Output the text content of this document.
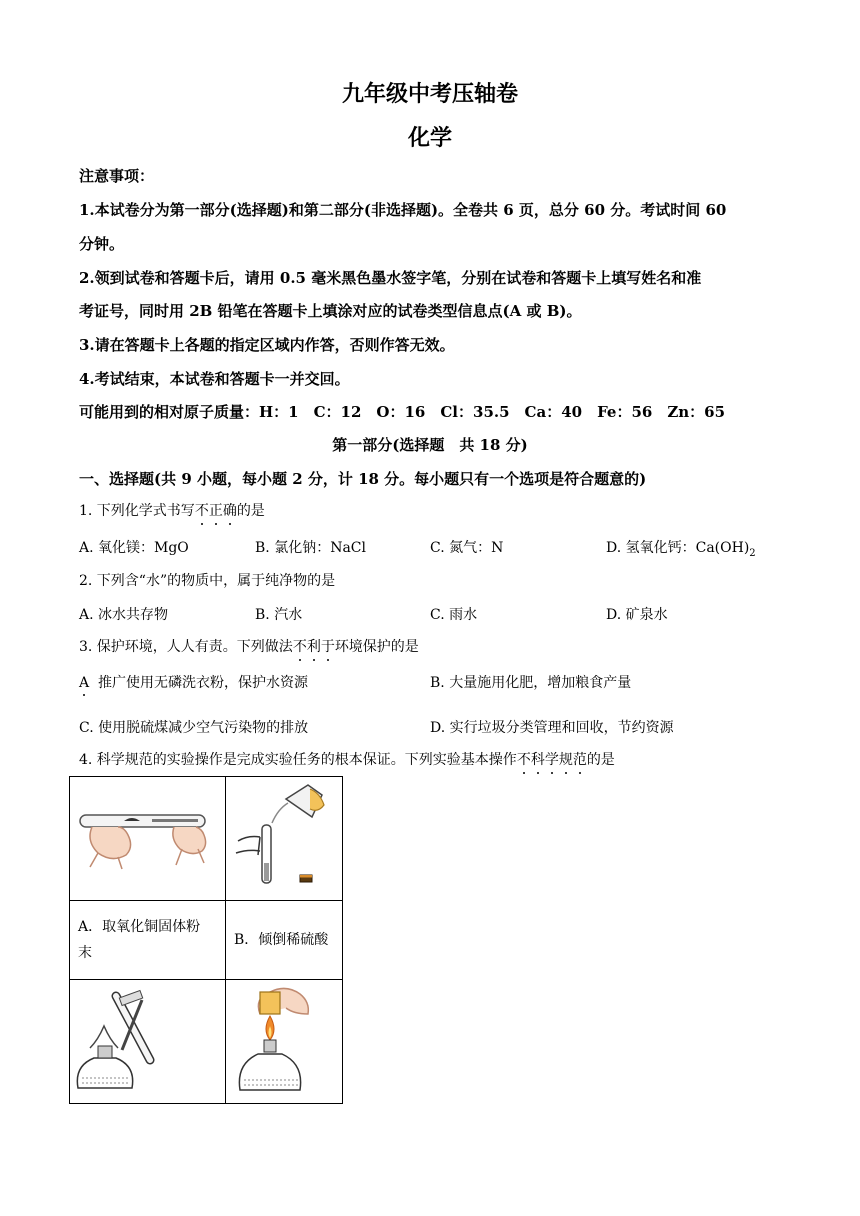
九年级中考压轴卷
化学
注意事项：
1.本试卷分为第一部分(选择题)和第二部分(非选择题)。全卷共 6 页，总分 60 分。考试时间 60
分钟。
2.领到试卷和答题卡后，请用 0.5 毫米黑色墨水签字笔，分别在试卷和答题卡上填写姓名和准
考证号，同时用 2B 铅笔在答题卡上填涂对应的试卷类型信息点(A 或 B)。
3.请在答题卡上各题的指定区域内作答，否则作答无效。
4.考试结束，本试卷和答题卡一并交回。
可能用到的相对原子质量：H：1　C：12　O：16　Cl：35.5　Ca：40　Fe：56　Zn：65
第一部分(选择题　共 18 分)
一、选择题(共 9 小题，每小题 2 分，计 18 分。每小题只有一个选项是符合题意的)
1. 下列化学式书写不正确的是
A. 氧化镁：MgO	B. 氯化钠：NaCl	C. 氮气：N	D. 氢氧化钙：$Ca(OH)_2$
2. 下列含“水”的物质中，属于纯净物的是
A. 冰水共存物	B. 汽水	C. 雨水	D. 矿泉水
3. 保护环境，人人有责。下列做法不利于环境保护的是
A 推广使用无磷洗衣粉，保护水资源	B. 大量施用化肥，增加粮食产量
C. 使用脱硫煤减少空气污染物的排放	D. 实行垃圾分类管理和回收，节约资源
4. 科学规范的实验操作是完成实验任务的根本保证。下列实验基本操作不科学规范的是

A．取氧化铜固体粉
末	B．倾倒稀硫酸
